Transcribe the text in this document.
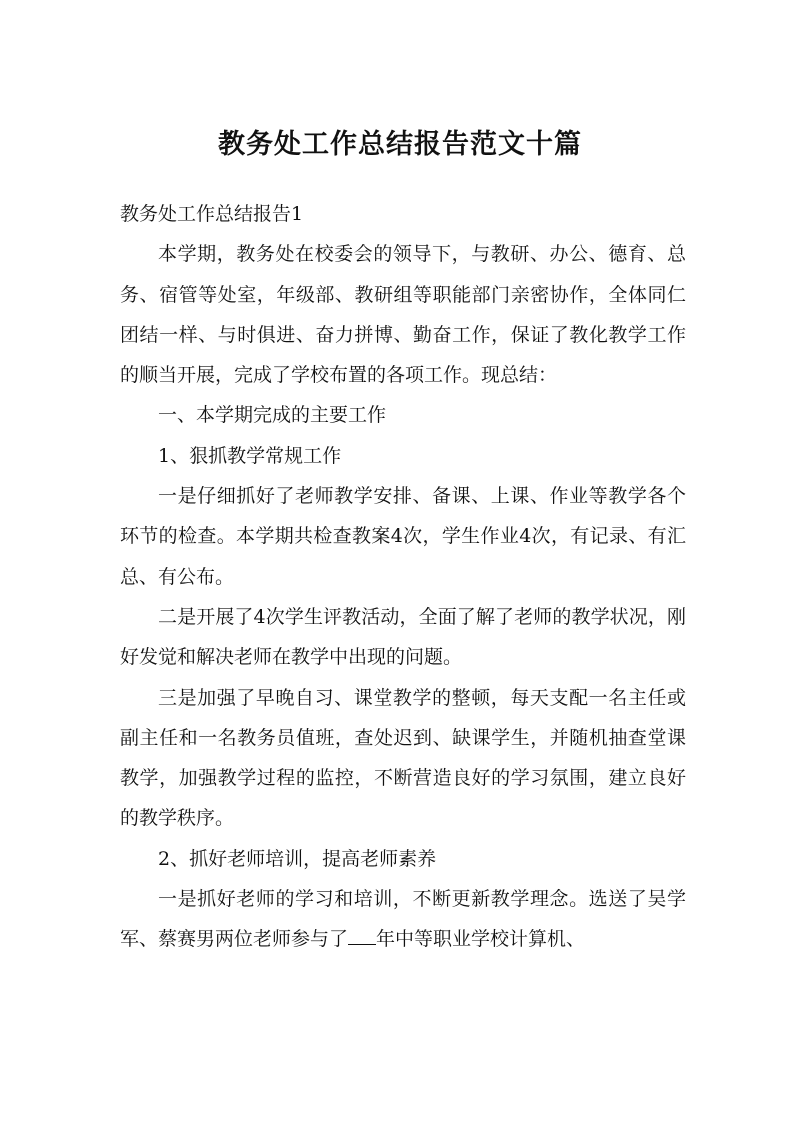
教务处工作总结报告范文十篇

教务处工作总结报告1

本学期，教务处在校委会的领导下，与教研、办公、德育、总务、宿管等处室，年级部、教研组等职能部门亲密协作，全体同仁团结一样、与时俱进、奋力拼博、勤奋工作，保证了教化教学工作的顺当开展，完成了学校布置的各项工作。现总结：

一、本学期完成的主要工作

1、狠抓教学常规工作

一是仔细抓好了老师教学安排、备课、上课、作业等教学各个环节的检查。本学期共检查教案4次，学生作业4次，有记录、有汇总、有公布。

二是开展了4次学生评教活动，全面了解了老师的教学状况，刚好发觉和解决老师在教学中出现的问题。

三是加强了早晚自习、课堂教学的整顿，每天支配一名主任或副主任和一名教务员值班，查处迟到、缺课学生，并随机抽查堂课教学，加强教学过程的监控，不断营造良好的学习氛围，建立良好的教学秩序。

2、抓好老师培训，提高老师素养

一是抓好老师的学习和培训，不断更新教学理念。选送了吴学军、蔡赛男两位老师参与了 年中等职业学校计算机、
